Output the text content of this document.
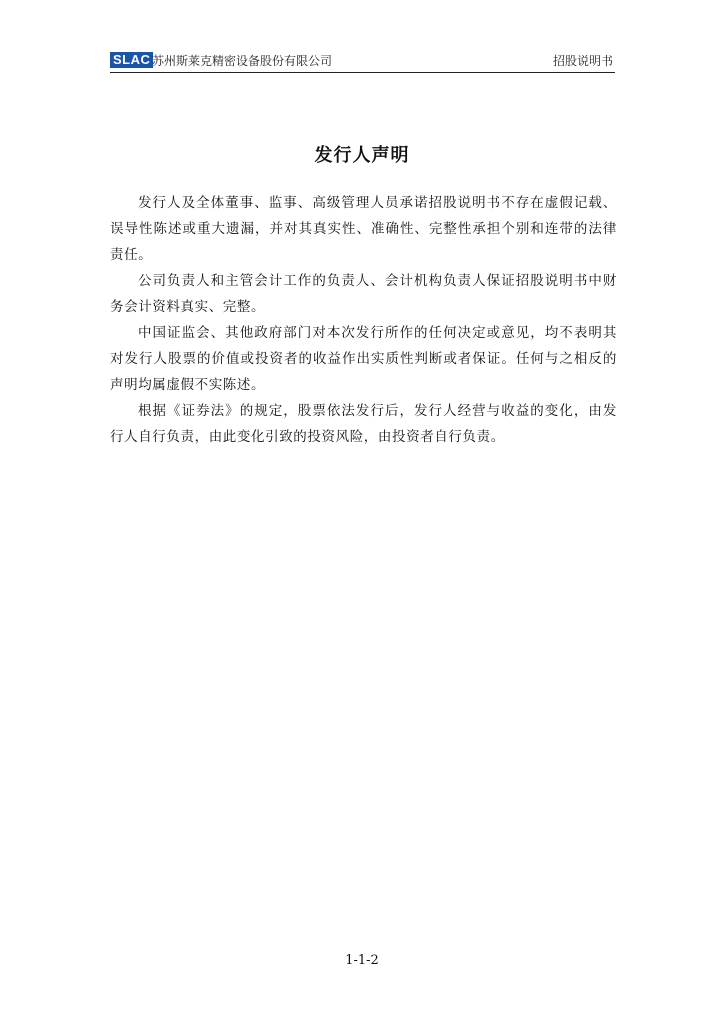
SLAC 苏州斯莱克精密设备股份有限公司	招股说明书
发行人声明

发行人及全体董事、监事、高级管理人员承诺招股说明书不存在虚假记载、误导性陈述或重大遗漏，并对其真实性、准确性、完整性承担个别和连带的法律责任。

公司负责人和主管会计工作的负责人、会计机构负责人保证招股说明书中财务会计资料真实、完整。

中国证监会、其他政府部门对本次发行所作的任何决定或意见，均不表明其对发行人股票的价值或投资者的收益作出实质性判断或者保证。任何与之相反的声明均属虚假不实陈述。

根据《证券法》的规定，股票依法发行后，发行人经营与收益的变化，由发行人自行负责，由此变化引致的投资风险，由投资者自行负责。

1-1-2
